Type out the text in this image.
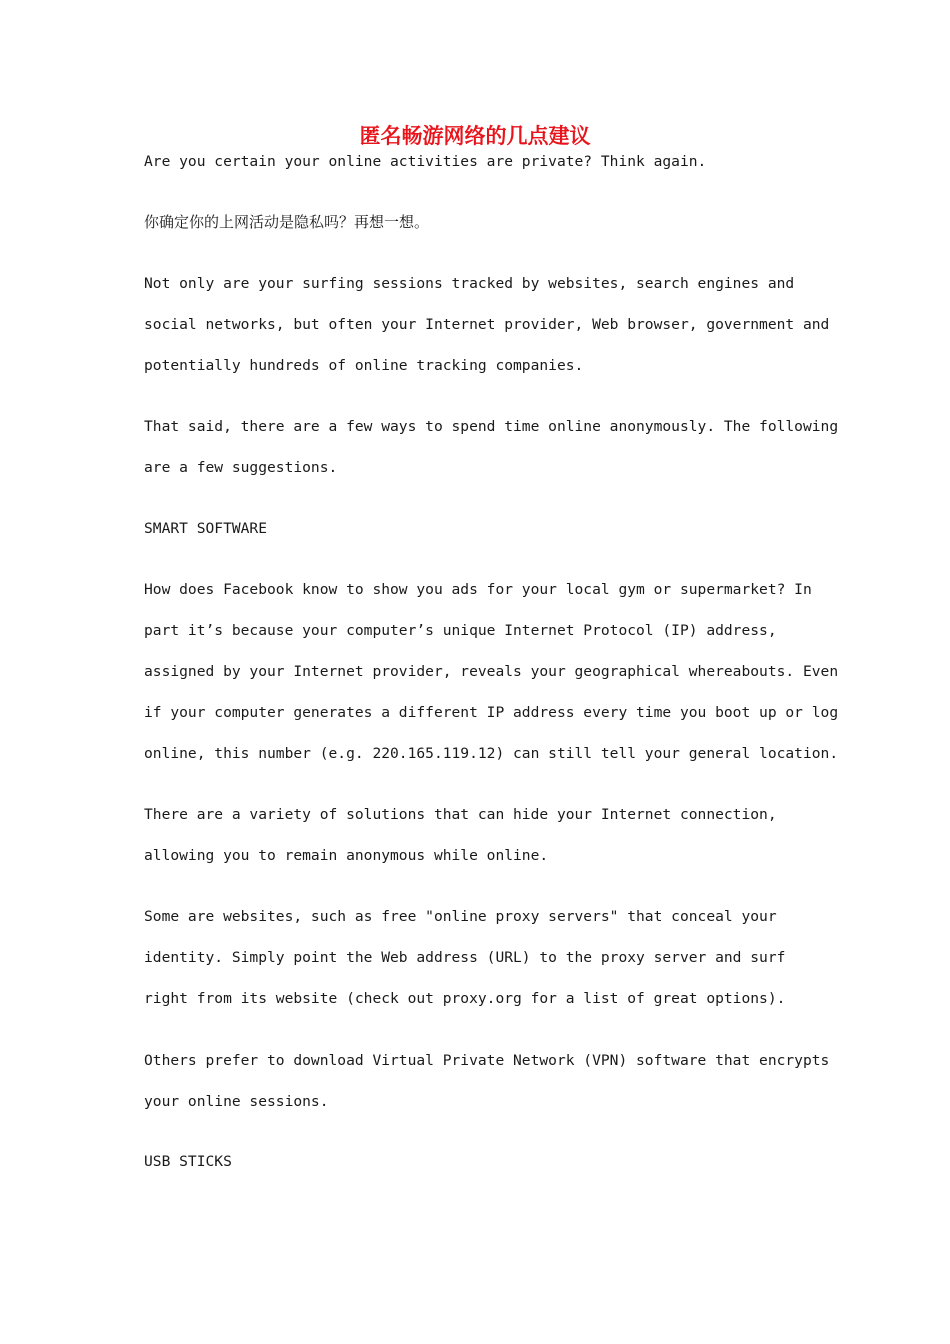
匿名畅游网络的几点建议

Are you certain your online activities are private? Think again.

你确定你的上网活动是隐私吗？再想一想。

Not only are your surfing sessions tracked by websites, search engines and

social networks, but often your Internet provider, Web browser, government and

potentially hundreds of online tracking companies.

That said, there are a few ways to spend time online anonymously. The following

are a few suggestions.

SMART SOFTWARE

How does Facebook know to show you ads for your local gym or supermarket? In

part it’s because your computer’s unique Internet Protocol (IP) address,

assigned by your Internet provider, reveals your geographical whereabouts. Even

if your computer generates a different IP address every time you boot up or log

online, this number (e.g. 220.165.119.12) can still tell your general location.

There are a variety of solutions that can hide your Internet connection,

allowing you to remain anonymous while online.

Some are websites, such as free "online proxy servers" that conceal your

identity. Simply point the Web address (URL) to the proxy server and surf

right from its website (check out proxy.org for a list of great options).

Others prefer to download Virtual Private Network (VPN) software that encrypts

your online sessions.

USB STICKS
